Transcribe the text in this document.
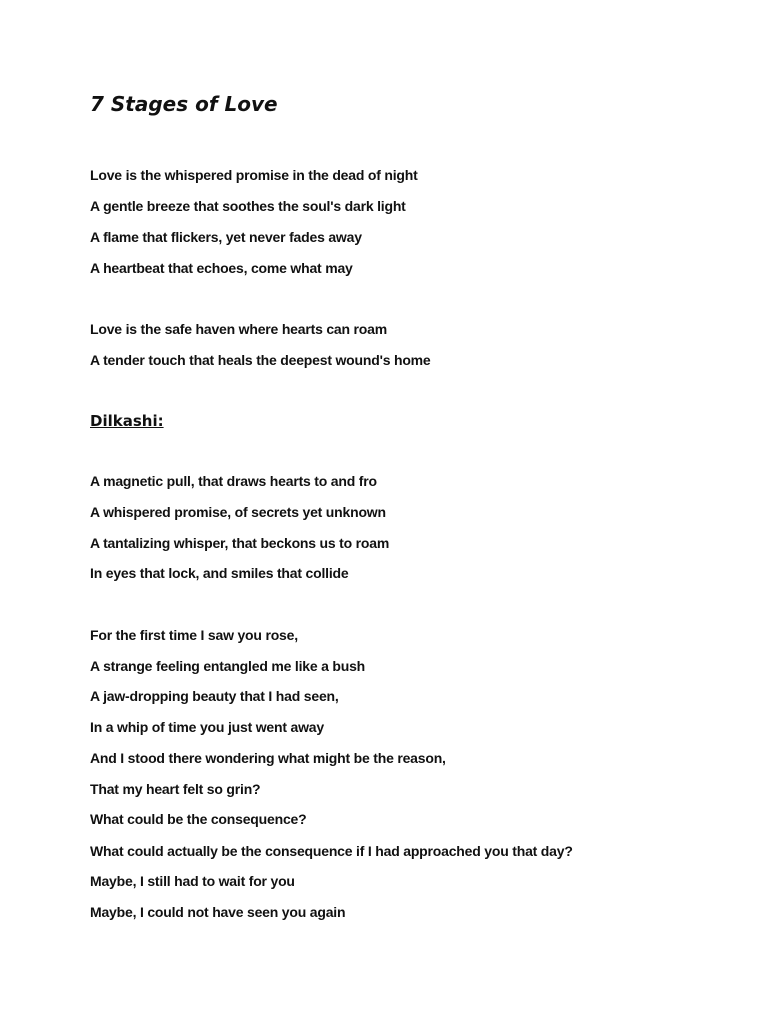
7 Stages of Love

Love is the whispered promise in the dead of night

A gentle breeze that soothes the soul's dark light

A flame that flickers, yet never fades away

A heartbeat that echoes, come what may

Love is the safe haven where hearts can roam

A tender touch that heals the deepest wound's home

Dilkashi:

A magnetic pull, that draws hearts to and fro

A whispered promise, of secrets yet unknown

A tantalizing whisper, that beckons us to roam

In eyes that lock, and smiles that collide

For the first time I saw you rose,

A strange feeling entangled me like a bush

A jaw-dropping beauty that I had seen,

In a whip of time you just went away

And I stood there wondering what might be the reason,

That my heart felt so grin?

What could be the consequence?

What could actually be the consequence if I had approached you that day?

Maybe, I still had to wait for you

Maybe, I could not have seen you again
